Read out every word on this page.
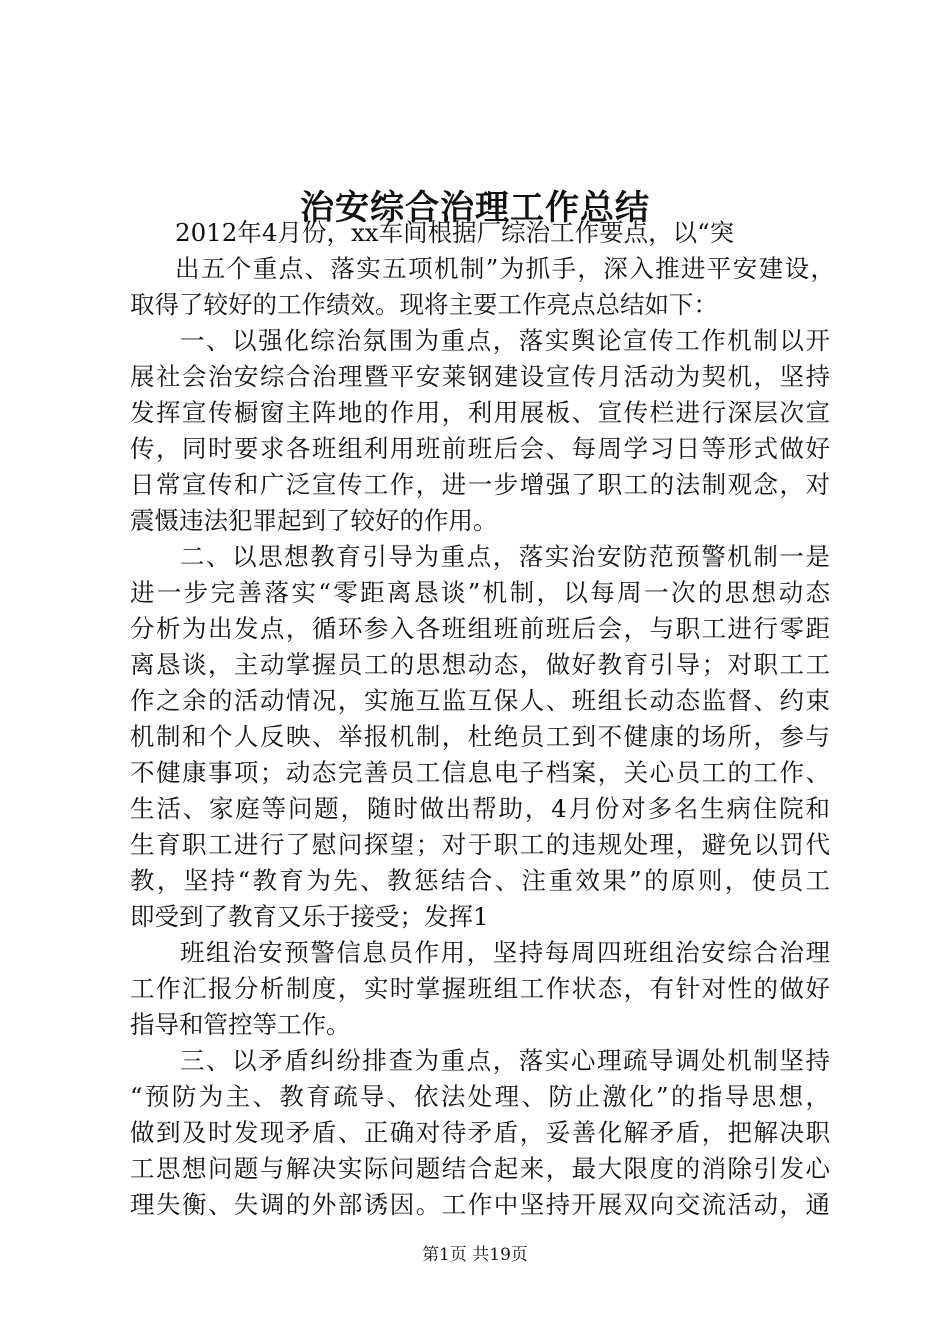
治安综合治理工作总结
2012年4月份，xx车间根据厂综治工作要点，以“突
出五个重点、落实五项机制”为抓手，深入推进平安建设，
取得了较好的工作绩效。现将主要工作亮点总结如下：
一、以强化综治氛围为重点，落实舆论宣传工作机制以开
展社会治安综合治理暨平安莱钢建设宣传月活动为契机，坚持
发挥宣传橱窗主阵地的作用，利用展板、宣传栏进行深层次宣
传，同时要求各班组利用班前班后会、每周学习日等形式做好
日常宣传和广泛宣传工作，进一步增强了职工的法制观念，对
震慑违法犯罪起到了较好的作用。
二、以思想教育引导为重点，落实治安防范预警机制一是
进一步完善落实“零距离恳谈”机制，以每周一次的思想动态
分析为出发点，循环参入各班组班前班后会，与职工进行零距
离恳谈，主动掌握员工的思想动态，做好教育引导；对职工工
作之余的活动情况，实施互监互保人、班组长动态监督、约束
机制和个人反映、举报机制，杜绝员工到不健康的场所，参与
不健康事项；动态完善员工信息电子档案，关心员工的工作、
生活、家庭等问题，随时做出帮助，4月份对多名生病住院和
生育职工进行了慰问探望；对于职工的违规处理，避免以罚代
教，坚持“教育为先、教惩结合、注重效果”的原则，使员工
即受到了教育又乐于接受；发挥1
班组治安预警信息员作用，坚持每周四班组治安综合治理
工作汇报分析制度，实时掌握班组工作状态，有针对性的做好
指导和管控等工作。
三、以矛盾纠纷排查为重点，落实心理疏导调处机制坚持
“预防为主、教育疏导、依法处理、防止激化”的指导思想，
做到及时发现矛盾、正确对待矛盾，妥善化解矛盾，把解决职
工思想问题与解决实际问题结合起来，最大限度的消除引发心
理失衡、失调的外部诱因。工作中坚持开展双向交流活动，通
第1页 共19页
